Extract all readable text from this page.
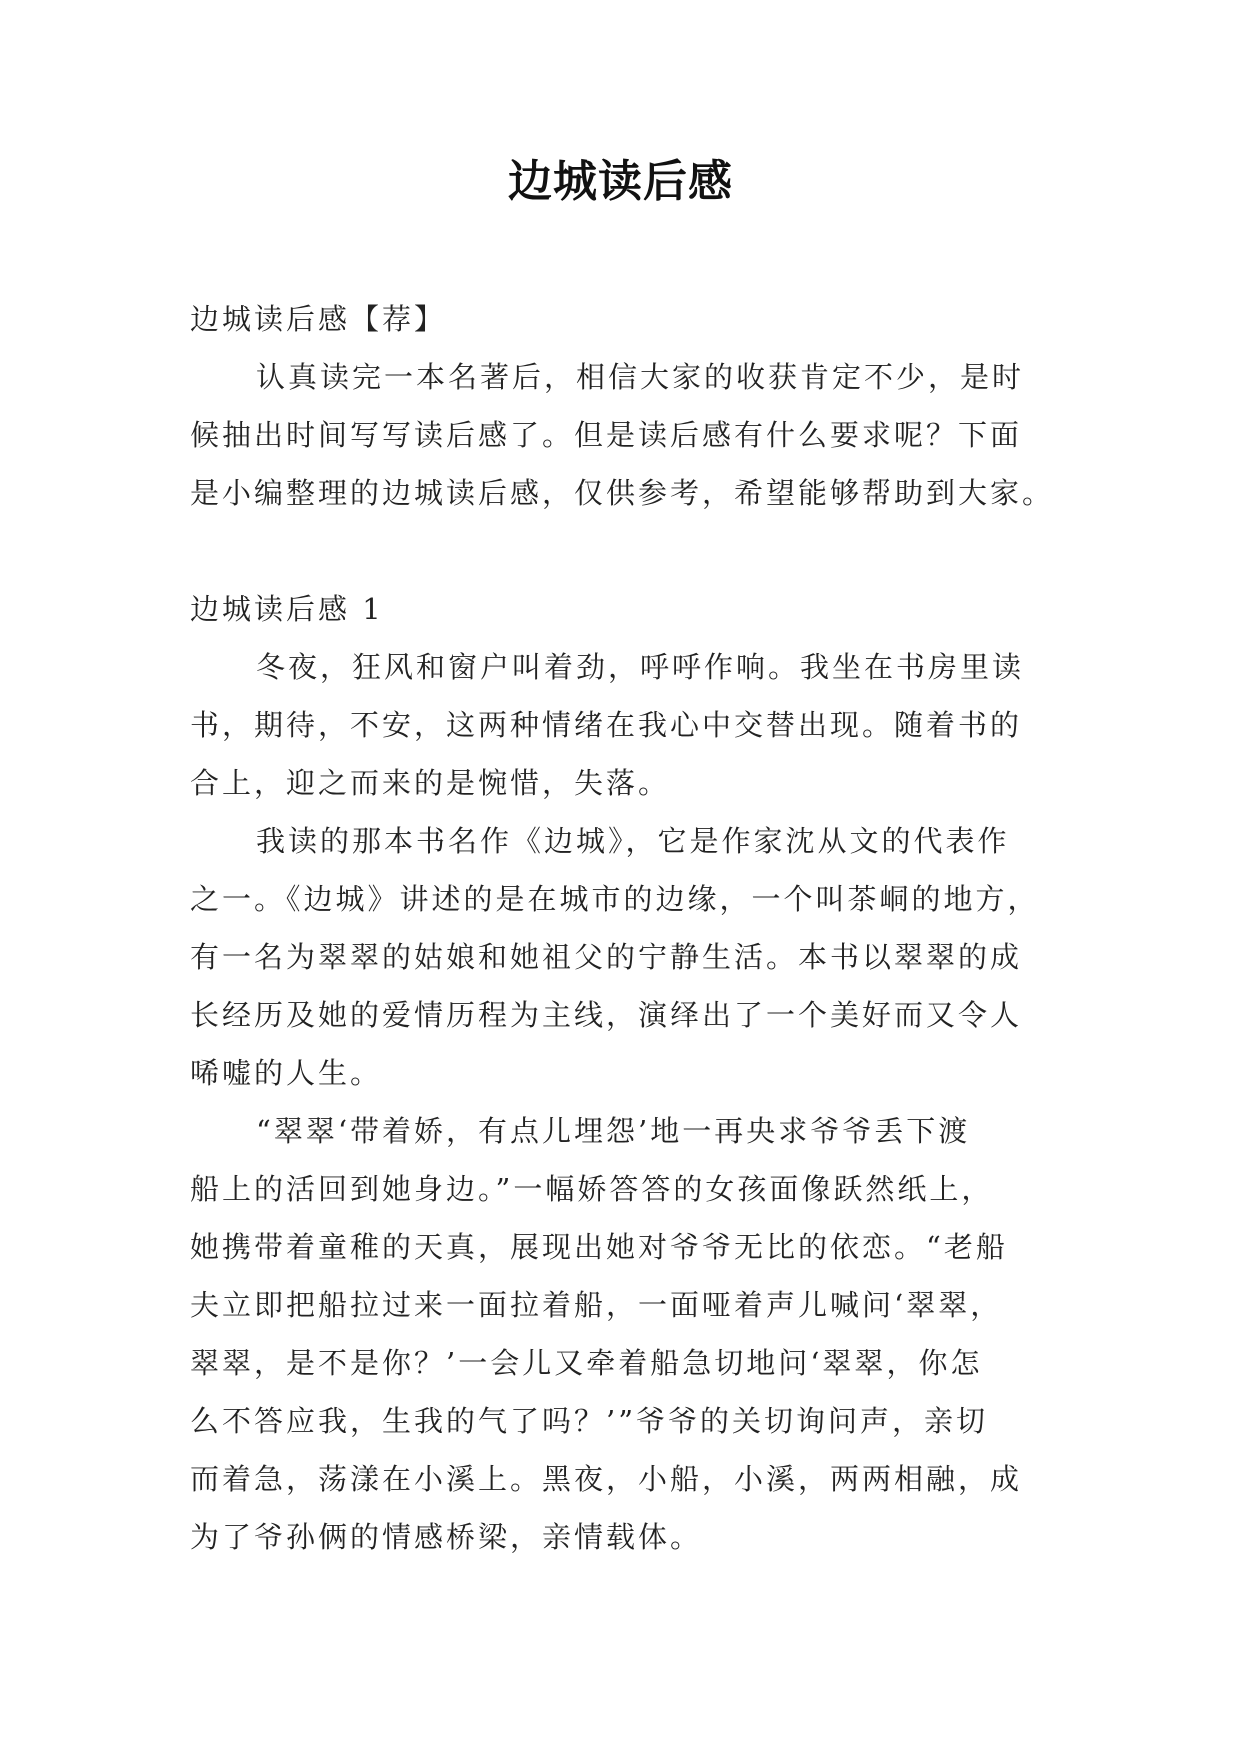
边城读后感
边城读后感【荐】
认真读完一本名著后，相信大家的收获肯定不少，是时
候抽出时间写写读后感了。但是读后感有什么要求呢？下面
是小编整理的边城读后感，仅供参考，希望能够帮助到大家。
边城读后感 1
冬夜，狂风和窗户叫着劲，呼呼作响。我坐在书房里读
书，期待，不安，这两种情绪在我心中交替出现。随着书的
合上，迎之而来的是惋惜，失落。
我读的那本书名作《边城》，它是作家沈从文的代表作
之一。《边城》讲述的是在城市的边缘，一个叫茶峒的地方，
有一名为翠翠的姑娘和她祖父的宁静生活。本书以翠翠的成
长经历及她的爱情历程为主线，演绎出了一个美好而又令人
唏嘘的人生。
“翠翠‘带着娇，有点儿埋怨’地一再央求爷爷丢下渡
船上的活回到她身边。”一幅娇答答的女孩面像跃然纸上，
她携带着童稚的天真，展现出她对爷爷无比的依恋。“老船
夫立即把船拉过来一面拉着船，一面哑着声儿喊问‘翠翠，
翠翠，是不是你？’一会儿又牵着船急切地问‘翠翠，你怎
么不答应我，生我的气了吗？’”爷爷的关切询问声，亲切
而着急，荡漾在小溪上。黑夜，小船，小溪，两两相融，成
为了爷孙俩的情感桥梁，亲情载体。
